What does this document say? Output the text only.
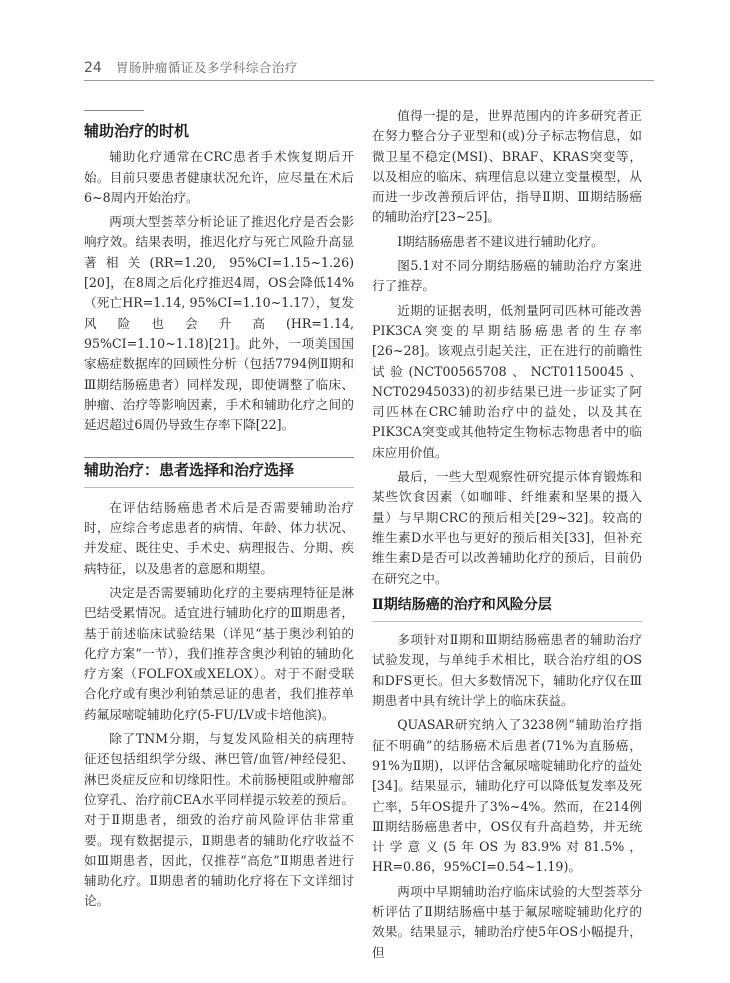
24 胃肠肿瘤循证及多学科综合治疗
辅助治疗的时机

辅助化疗通常在CRC患者手术恢复期后开始。目前只要患者健康状况允许，应尽量在术后6~8周内开始治疗。

两项大型荟萃分析论证了推迟化疗是否会影响疗效。结果表明，推迟化疗与死亡风险升高显著相关(RR=1.20, 95%CI=1.15~1.26)[20]，在8周之后化疗推迟4周，OS会降低14%（死亡HR=1.14, 95%CI=1.10~1.17），复发风险也会升高(HR=1.14, 95%CI=1.10~1.18)[21]。此外，一项美国国家癌症数据库的回顾性分析（包括7794例Ⅱ期和Ⅲ期结肠癌患者）同样发现，即使调整了临床、肿瘤、治疗等影响因素，手术和辅助化疗之间的延迟超过6周仍导致生存率下降[22]。

辅助治疗：患者选择和治疗选择

在评估结肠癌患者术后是否需要辅助治疗时，应综合考虑患者的病情、年龄、体力状况、并发症、既往史、手术史、病理报告、分期、疾病特征，以及患者的意愿和期望。

决定是否需要辅助化疗的主要病理特征是淋巴结受累情况。适宜进行辅助化疗的Ⅲ期患者，基于前述临床试验结果（详见“基于奥沙利铂的化疗方案”一节），我们推荐含奥沙利铂的辅助化疗方案（FOLFOX或XELOX）。对于不耐受联合化疗或有奥沙利铂禁忌证的患者，我们推荐单药氟尿嘧啶辅助化疗(5-FU/LV或卡培他滨)。

除了TNM分期，与复发风险相关的病理特征还包括组织学分级、淋巴管/血管/神经侵犯、淋巴炎症反应和切缘阳性。术前肠梗阻或肿瘤部位穿孔、治疗前CEA水平同样提示较差的预后。对于Ⅱ期患者，细致的治疗前风险评估非常重要。现有数据提示，Ⅱ期患者的辅助化疗收益不如Ⅲ期患者，因此，仅推荐“高危”Ⅱ期患者进行辅助化疗。Ⅱ期患者的辅助化疗将在下文详细讨论。

值得一提的是，世界范围内的许多研究者正在努力整合分子亚型和(或)分子标志物信息，如微卫星不稳定(MSI)、BRAF、KRAS突变等，以及相应的临床、病理信息以建立变量模型，从而进一步改善预后评估，指导Ⅱ期、Ⅲ期结肠癌的辅助治疗[23~25]。

Ⅰ期结肠癌患者不建议进行辅助化疗。

图5.1对不同分期结肠癌的辅助治疗方案进行了推荐。

近期的证据表明，低剂量阿司匹林可能改善PIK3CA突变的早期结肠癌患者的生存率[26~28]。该观点引起关注，正在进行的前瞻性试验(NCT00565708、NCT01150045、NCT02945033)的初步结果已进一步证实了阿司匹林在CRC辅助治疗中的益处，以及其在PIK3CA突变或其他特定生物标志物患者中的临床应用价值。

最后，一些大型观察性研究提示体育锻炼和某些饮食因素（如咖啡、纤维素和坚果的摄入量）与早期CRC的预后相关[29~32]。较高的维生素D水平也与更好的预后相关[33]，但补充维生素D是否可以改善辅助化疗的预后，目前仍在研究之中。

Ⅱ期结肠癌的治疗和风险分层

多项针对Ⅱ期和Ⅲ期结肠癌患者的辅助治疗试验发现，与单纯手术相比，联合治疗组的OS和DFS更长。但大多数情况下，辅助化疗仅在Ⅲ期患者中具有统计学上的临床获益。

QUASAR研究纳入了3238例“辅助治疗指征不明确”的结肠癌术后患者(71%为直肠癌，91%为Ⅱ期)，以评估含氟尿嘧啶辅助化疗的益处[34]。结果显示，辅助化疗可以降低复发率及死亡率，5年OS提升了3%~4%。然而，在214例Ⅲ期结肠癌患者中，OS仅有升高趋势，并无统计学意义(5年OS为83.9%对81.5%，HR=0.86，95%CI=0.54~1.19)。

两项中早期辅助治疗临床试验的大型荟萃分析评估了Ⅱ期结肠癌中基于氟尿嘧啶辅助化疗的效果。结果显示，辅助治疗使5年OS小幅提升，但
